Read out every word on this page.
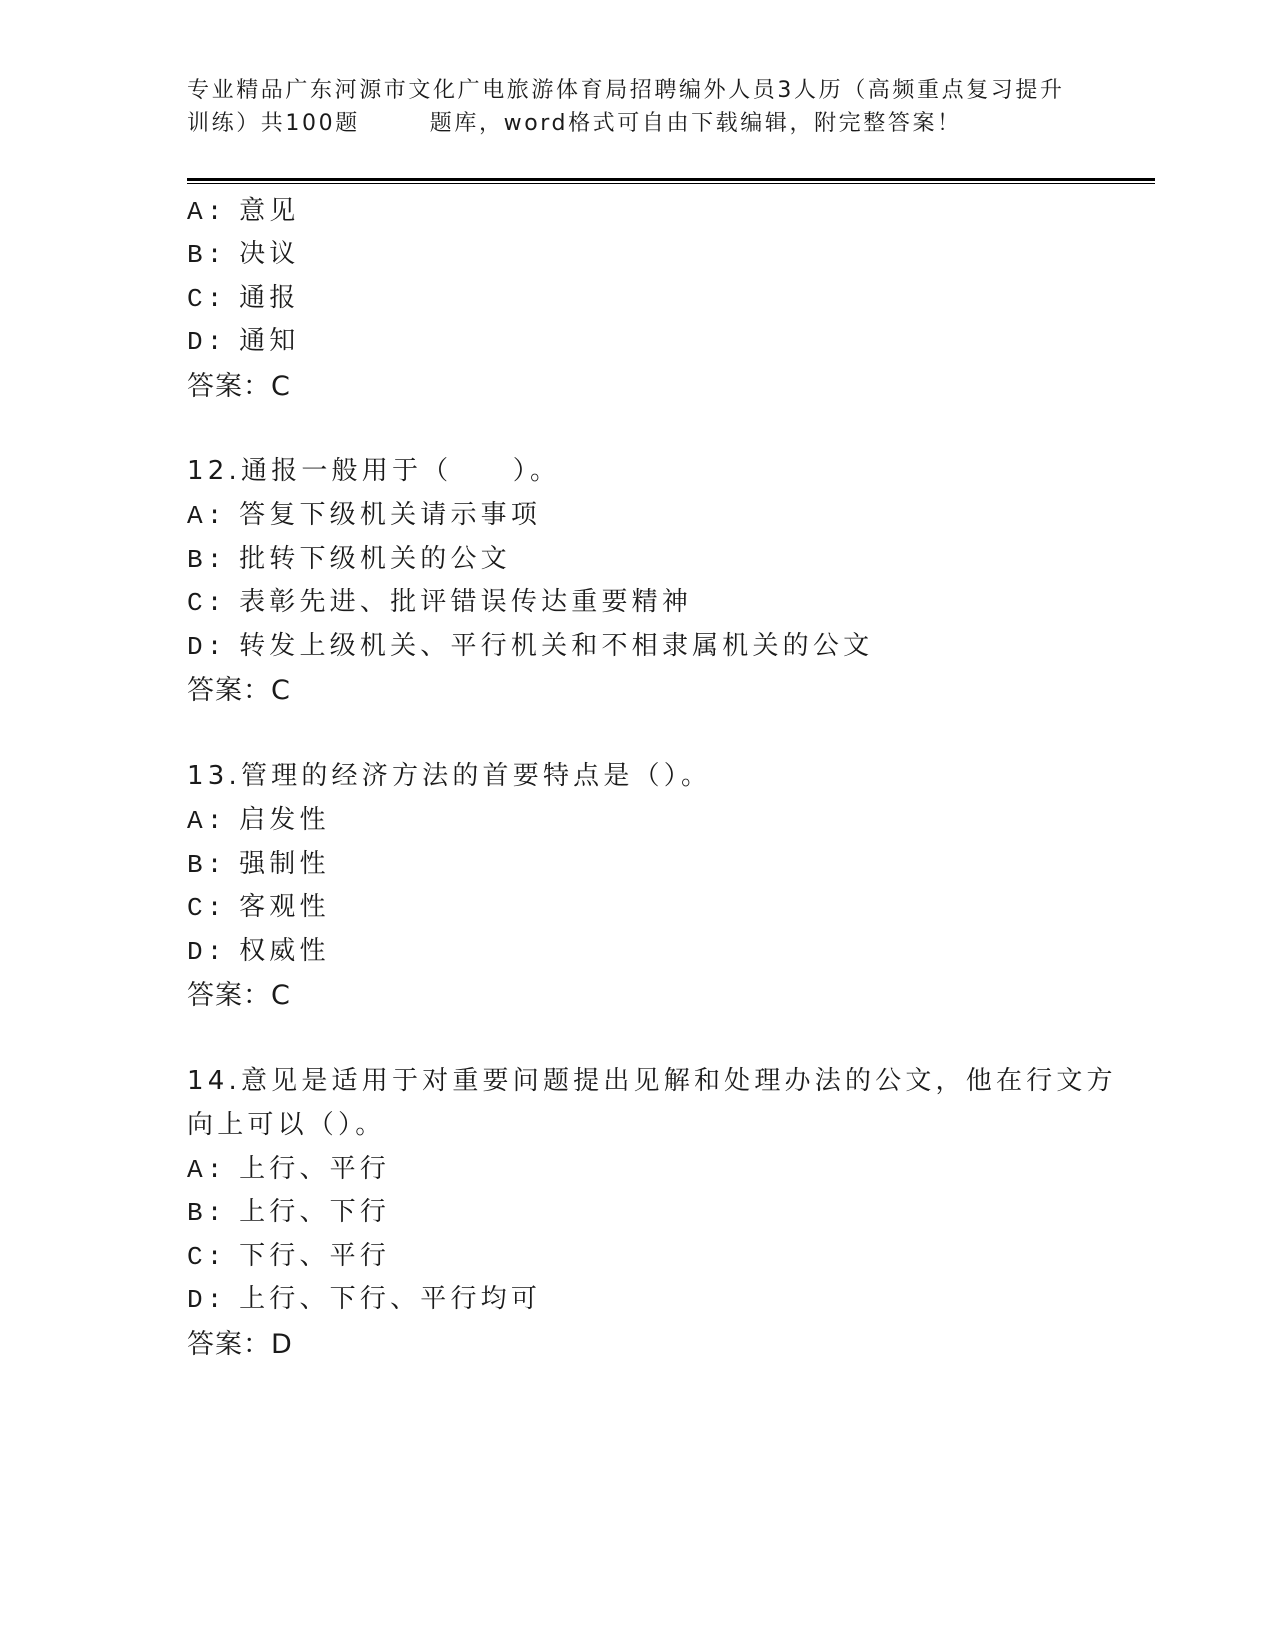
专业精品广东河源市文化广电旅游体育局招聘编外人员3人历（高频重点复习提升
训练）共100题	题库，word格式可自由下载编辑，附完整答案！
A: 意见
B: 决议
C: 通报
D: 通知
答案：C
12.通报一般用于（　　）。
A: 答复下级机关请示事项
B: 批转下级机关的公文
C: 表彰先进、批评错误传达重要精神
D: 转发上级机关、平行机关和不相隶属机关的公文
答案：C
13.管理的经济方法的首要特点是（）。
A: 启发性
B: 强制性
C: 客观性
D: 权威性
答案：C
14.意见是适用于对重要问题提出见解和处理办法的公文，他在行文方
向上可以（）。
A: 上行、平行
B: 上行、下行
C: 下行、平行
D: 上行、下行、平行均可
答案：D
